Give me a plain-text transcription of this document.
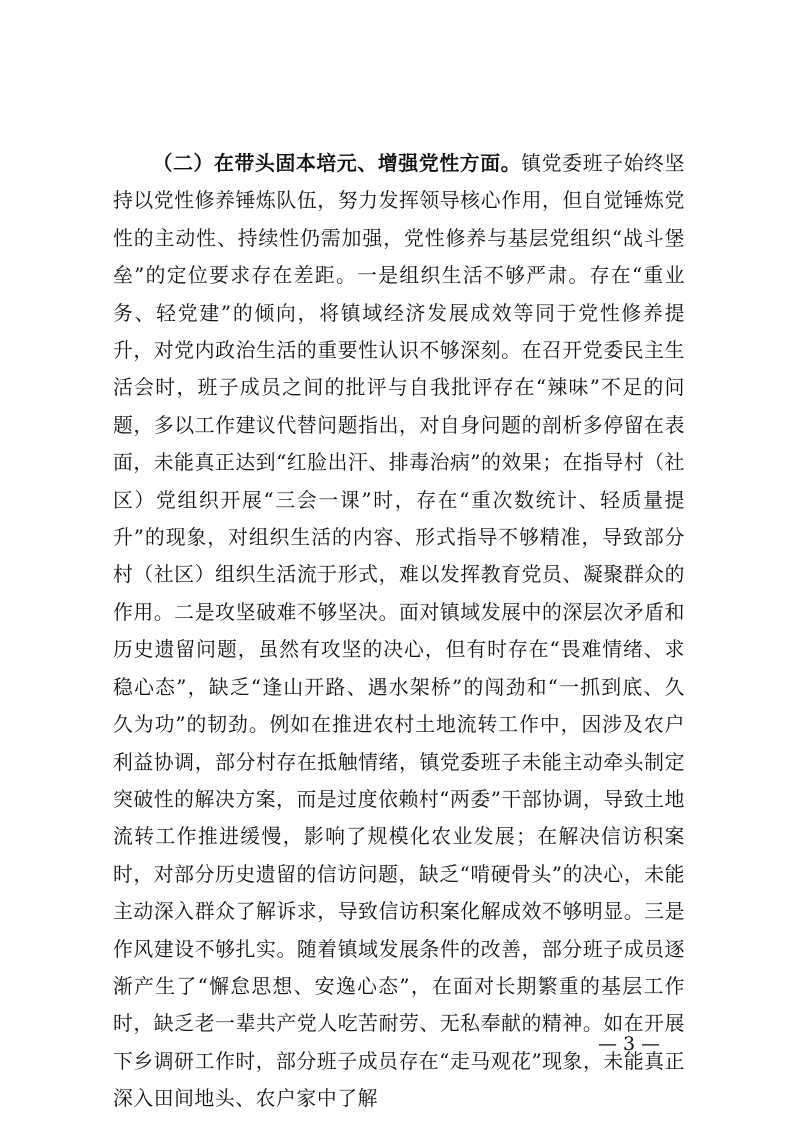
（二）在带头固本培元、增强党性方面。镇党委班子始终坚持以党性修养锤炼队伍，努力发挥领导核心作用，但自觉锤炼党性的主动性、持续性仍需加强，党性修养与基层党组织“战斗堡垒”的定位要求存在差距。一是组织生活不够严肃。存在“重业务、轻党建”的倾向，将镇域经济发展成效等同于党性修养提升，对党内政治生活的重要性认识不够深刻。在召开党委民主生活会时，班子成员之间的批评与自我批评存在“辣味”不足的问题，多以工作建议代替问题指出，对自身问题的剖析多停留在表面，未能真正达到“红脸出汗、排毒治病”的效果；在指导村（社区）党组织开展“三会一课”时，存在“重次数统计、轻质量提升”的现象，对组织生活的内容、形式指导不够精准，导致部分村（社区）组织生活流于形式，难以发挥教育党员、凝聚群众的作用。二是攻坚破难不够坚决。面对镇域发展中的深层次矛盾和历史遗留问题，虽然有攻坚的决心，但有时存在“畏难情绪、求稳心态”，缺乏“逢山开路、遇水架桥”的闯劲和“一抓到底、久久为功”的韧劲。例如在推进农村土地流转工作中，因涉及农户利益协调，部分村存在抵触情绪，镇党委班子未能主动牵头制定突破性的解决方案，而是过度依赖村“两委”干部协调，导致土地流转工作推进缓慢，影响了规模化农业发展；在解决信访积案时，对部分历史遗留的信访问题，缺乏“啃硬骨头”的决心，未能主动深入群众了解诉求，导致信访积案化解成效不够明显。三是作风建设不够扎实。随着镇域发展条件的改善，部分班子成员逐渐产生了“懈怠思想、安逸心态”，在面对长期繁重的基层工作时，缺乏老一辈共产党人吃苦耐劳、无私奉献的精神。如在开展下乡调研工作时，部分班子成员存在“走马观花”现象，未能真正深入田间地头、农户家中了解

— 3 —
